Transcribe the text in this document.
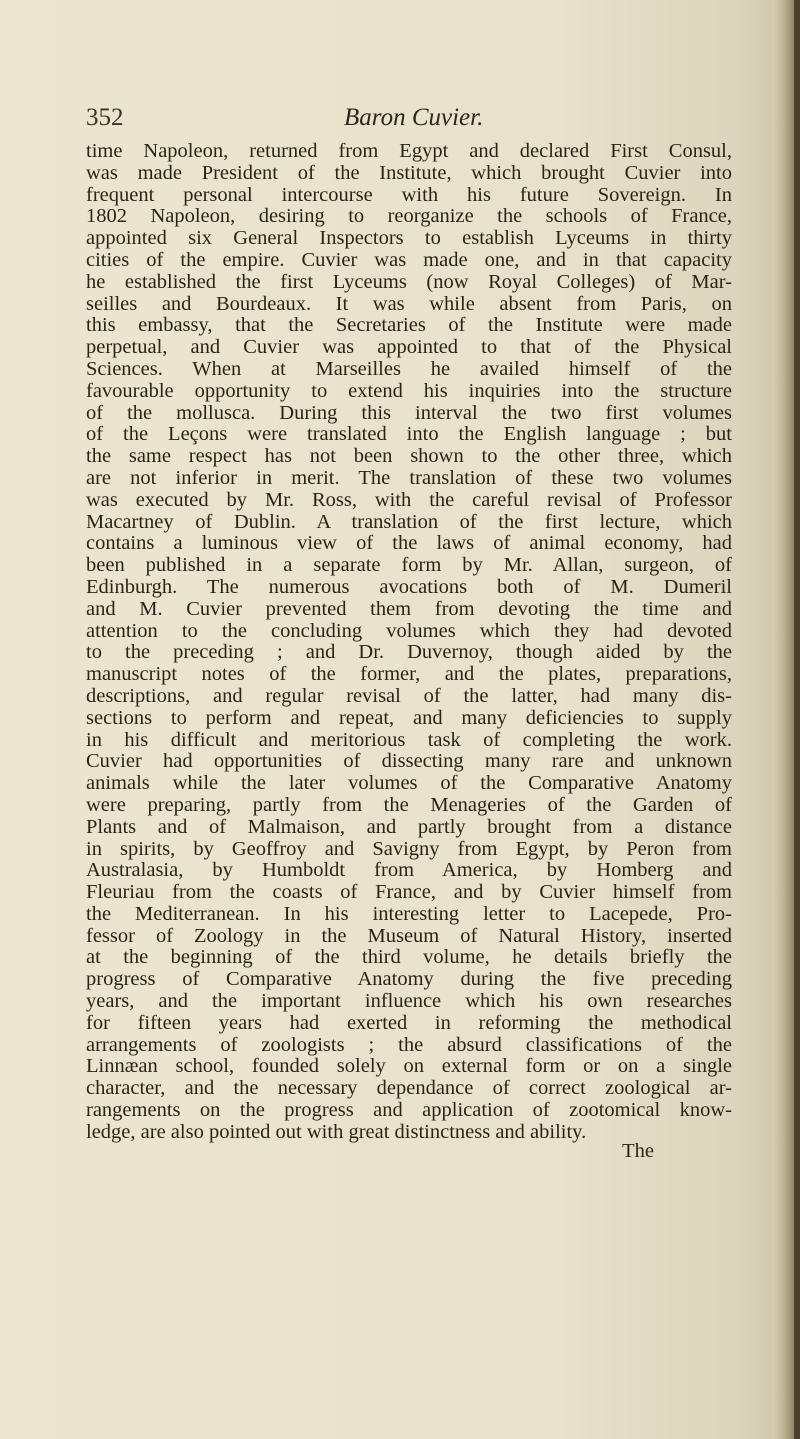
352	Baron Cuvier.
time Napoleon, returned from Egypt and declared First Consul,
was made President of the Institute, which brought Cuvier into
frequent personal intercourse with his future Sovereign. In
1802 Napoleon, desiring to reorganize the schools of France,
appointed six General Inspectors to establish Lyceums in thirty
cities of the empire. Cuvier was made one, and in that capacity
he established the first Lyceums (now Royal Colleges) of Mar-
seilles and Bourdeaux. It was while absent from Paris, on
this embassy, that the Secretaries of the Institute were made
perpetual, and Cuvier was appointed to that of the Physical
Sciences. When at Marseilles he availed himself of the
favourable opportunity to extend his inquiries into the structure
of the mollusca. During this interval the two first volumes
of the Leçons were translated into the English language ; but
the same respect has not been shown to the other three, which
are not inferior in merit. The translation of these two volumes
was executed by Mr. Ross, with the careful revisal of Professor
Macartney of Dublin. A translation of the first lecture, which
contains a luminous view of the laws of animal economy, had
been published in a separate form by Mr. Allan, surgeon, of
Edinburgh. The numerous avocations both of M. Dumeril
and M. Cuvier prevented them from devoting the time and
attention to the concluding volumes which they had devoted
to the preceding ; and Dr. Duvernoy, though aided by the
manuscript notes of the former, and the plates, preparations,
descriptions, and regular revisal of the latter, had many dis-
sections to perform and repeat, and many deficiencies to supply
in his difficult and meritorious task of completing the work.
Cuvier had opportunities of dissecting many rare and unknown
animals while the later volumes of the Comparative Anatomy
were preparing, partly from the Menageries of the Garden of
Plants and of Malmaison, and partly brought from a distance
in spirits, by Geoffroy and Savigny from Egypt, by Peron from
Australasia, by Humboldt from America, by Homberg and
Fleuriau from the coasts of France, and by Cuvier himself from
the Mediterranean. In his interesting letter to Lacepede, Pro-
fessor of Zoology in the Museum of Natural History, inserted
at the beginning of the third volume, he details briefly the
progress of Comparative Anatomy during the five preceding
years, and the important influence which his own researches
for fifteen years had exerted in reforming the methodical
arrangements of zoologists ; the absurd classifications of the
Linnæan school, founded solely on external form or on a single
character, and the necessary dependance of correct zoological ar-
rangements on the progress and application of zootomical know-
ledge, are also pointed out with great distinctness and ability.
The
